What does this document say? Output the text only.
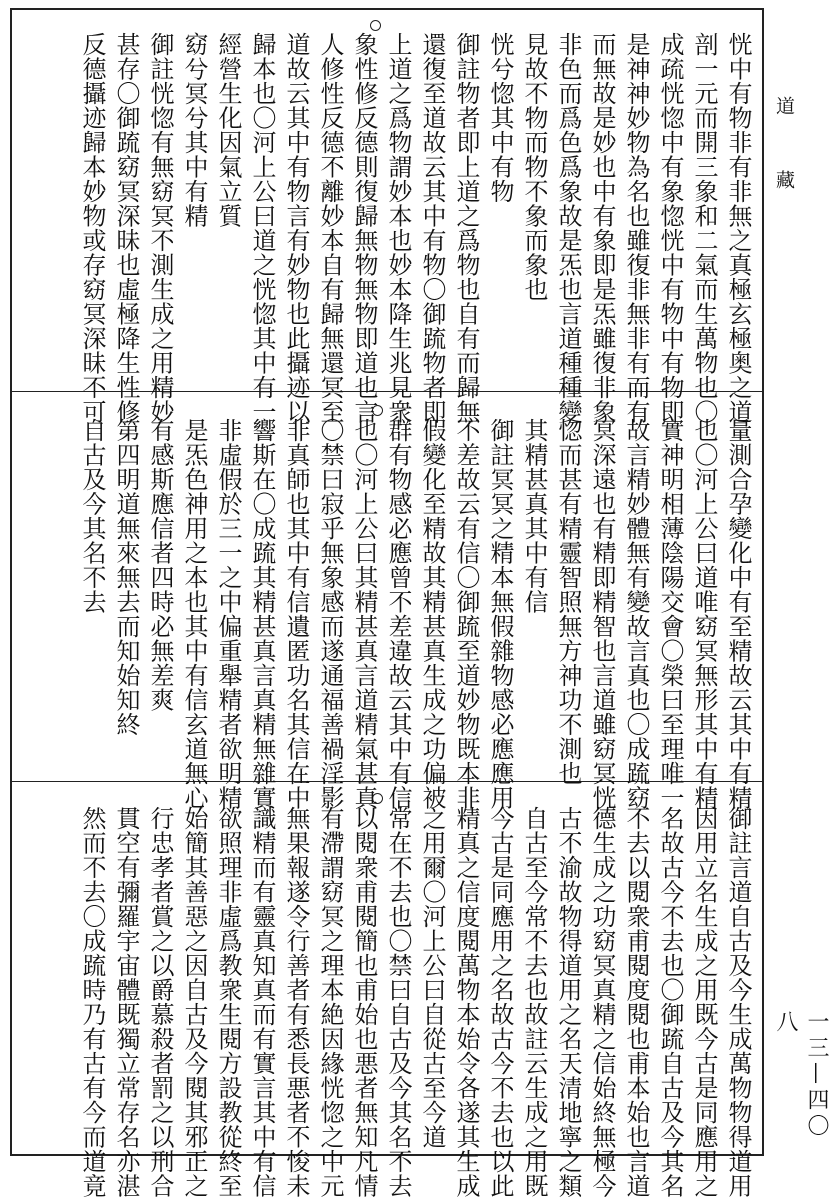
恍中有物非有非無之真極玄極奥之道
剖一元而開三象和二氣而生萬物也〇
成疏恍惚中有象惚恍中有物中有物即
是神神妙物為名也雖復非無非有而有
而無故是妙也中有象即是炁雖復非象
非色而爲色爲象故是炁也言道種種變
見故不物而物不象而象也
恍兮惚其中有物
御註物者即上道之爲物也自有而歸無
還復至道故云其中有物〇御䟽物者即
上道之爲物謂妙本也妙本降生兆見衆
象性修反德則復歸無物無物即道也言
人修性反德不離妙本自有歸無還冥至
道故云其中有物言有妙物也此攝迹以
歸本也〇河上公曰道之恍惚其中有一
經營生化因氣立質
窈兮冥兮其中有精
御註恍惚有無窈冥不測生成之用精妙
甚存〇御䟽窈冥深昧也虛極降生性修
反德攝迹歸本妙物或存窈冥深昧不可
量測合孕變化中有至精故云其中有精
也〇河上公曰道唯窈冥無形其中有精
實神明相薄陰陽交會〇榮曰至理唯一
故言精妙體無有變故言真也〇成䟽窈
冥深遠也有精即精智也言道雖窈冥恍
惚而甚有精靈智照無方神功不測也
其精甚真其中有信
御註冥冥之精本無假雜物感必應應用
不差故云有信〇御䟽至道妙物既本非
假變化至精故其精甚真生成之功偏被
群有物感必應曾不差違故云其中有信
也〇河上公曰其精甚真言道精氣甚真
〇禁曰寂乎無象感而遂通福善禍淫影
非真師也其中有信遺匿功名其信在中
響斯在〇成䟽其精甚真言真精無雜實
非虛假於三一之中偏重舉精者欲明精
是炁色神用之本也其中有信玄道無心
有感斯應信者四時必無差爽
第四明道無來無去而知始知終
自古及今其名不去
御註言道自古及今生成萬物物得道用
因用立名生成之用既今古是同應用之
名故古今不去也〇御䟽自古及今其名
不去以閱衆甫閱度閱也甫本始也言道
德生成之功窈冥真精之信始終無極今
古不渝故物得道用之名天清地寧之類
自古至今常不去也故註云生成之用既
今古是同應用之名故古今不去也以此
精真之信度閱萬物本始令各遂其生成
之用爾〇河上公曰自從古至今道
常在不去也〇禁曰自古及今其名不去
以閱衆甫閱簡也甫始也悪者無知凡情
有滯謂窈冥之理本絶因緣恍惚之中元
無果報遂令行善者有悉長悪者不悛未
識精而有靈真知真而有實言其中有信
欲照理非虛爲教衆生閱方設教從終至
始簡其善惡之因自古及今閱其邪正之
行忠孝者賞之以爵慕殺者罰之以刑合
貫空有彌羅宇宙體既獨立常存名亦湛
然而不去〇成䟽時乃有古有今而道竟
道　藏
一三—四〇八
